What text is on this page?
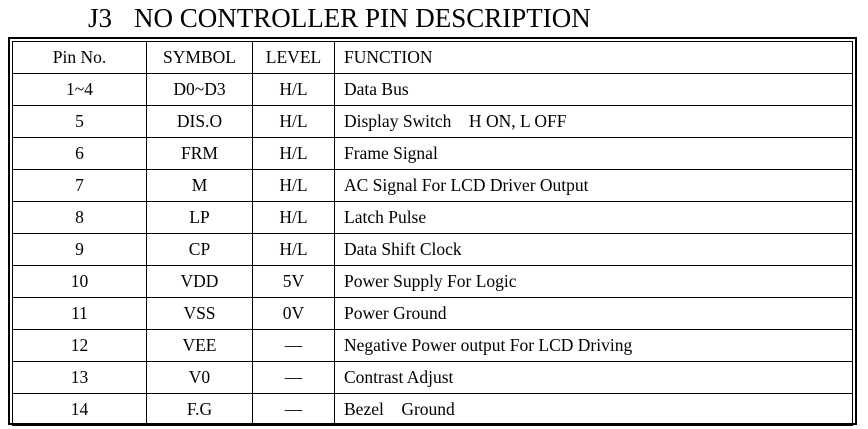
J3 NO CONTROLLER PIN DESCRIPTION
Pin No.	SYMBOL	LEVEL	FUNCTION
1~4	D0~D3	H/L	Data Bus
5	DIS.O	H/L	Display Switch    H ON, L OFF
6	FRM	H/L	Frame Signal
7	M	H/L	AC Signal For LCD Driver Output
8	LP	H/L	Latch Pulse
9	CP	H/L	Data Shift Clock
10	VDD	5V	Power Supply For Logic
11	VSS	0V	Power Ground
12	VEE	—	Negative Power output For LCD Driving
13	V0	—	Contrast Adjust
14	F.G	—	Bezel    Ground
